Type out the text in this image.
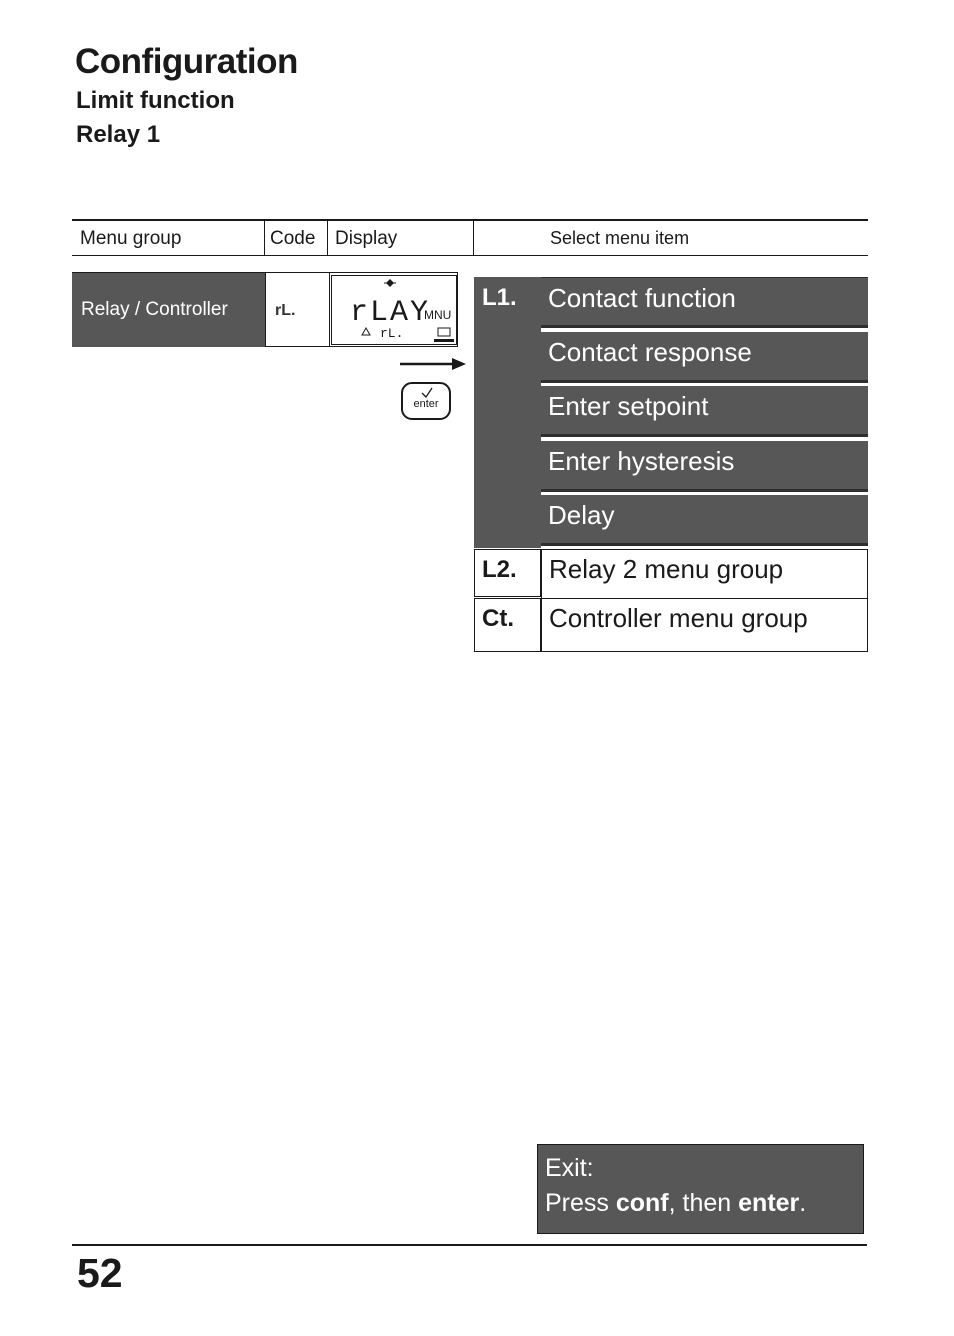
Configuration
Limit function
Relay 1
Menu group	Code Display	Select menu item
Relay / Controller	rL. rLAY
MNU
rL.
enter
L1. Contact function
Contact response
Enter setpoint
Enter hysteresis
Delay
L2.	Relay 2 menu group
Ct.	Controller menu group
Exit:
Press conf, then enter.
52
